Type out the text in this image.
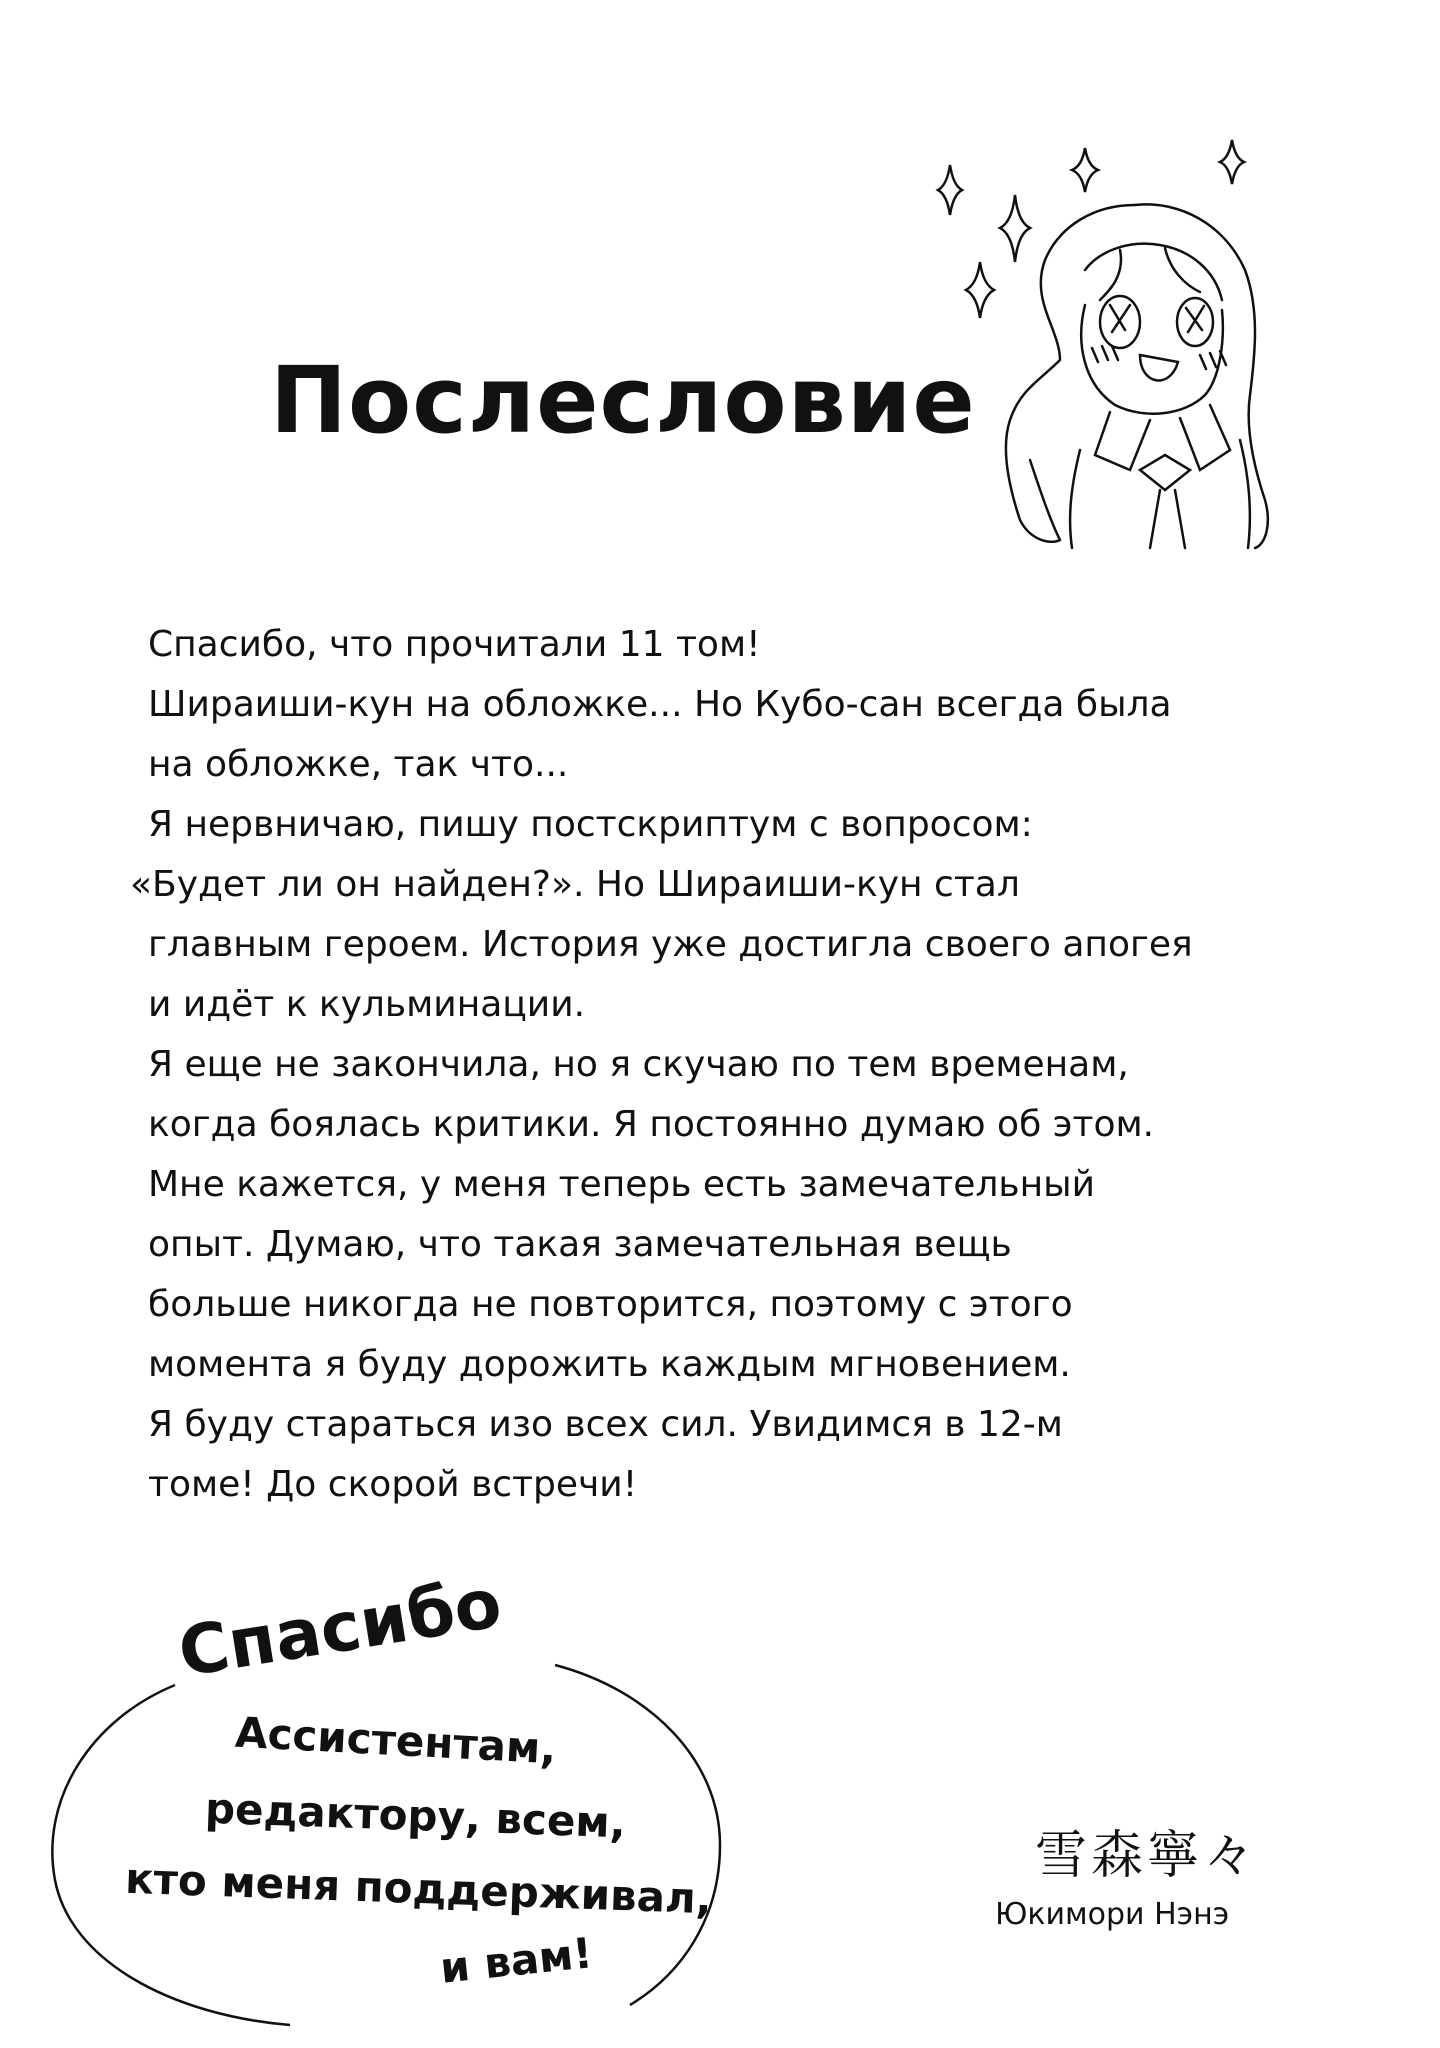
Послесловие
Спасибо, что прочитали 11 том!
Шираиши-кун на обложке... Но Кубо-сан всегда была
на обложке, так что...
Я нервничаю, пишу постскриптум с вопросом:
«Будет ли он найден?». Но Шираиши-кун стал
главным героем. История уже достигла своего апогея
и идёт к кульминации.
Я еще не закончила, но я скучаю по тем временам,
когда боялась критики. Я постоянно думаю об этом.
Мне кажется, у меня теперь есть замечательный
опыт. Думаю, что такая замечательная вещь
больше никогда не повторится, поэтому с этого
момента я буду дорожить каждым мгновением.
Я буду стараться изо всех сил. Увидимся в 12-м
томе! До скорой встречи!
Спасибо
Ассистентам,
редактору, всем,
кто меня поддерживал,
и вам!
雪森寧々
Юкимори Нэнэ
